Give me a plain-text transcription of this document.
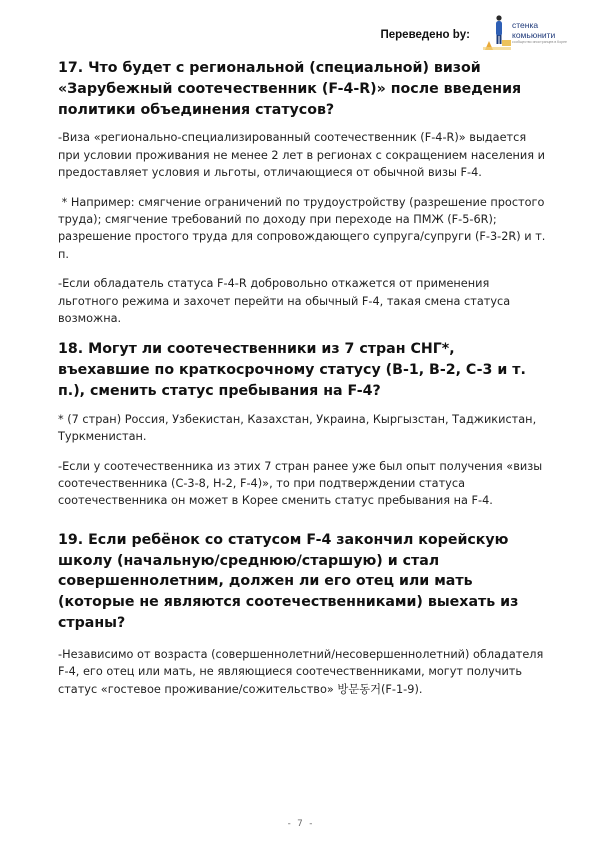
Переведено by:
стенка
комьюнити
сообщество иностранцев в Корее
17. Что будет с региональной (специальной) визой «Зарубежный соотечественник (F-4-R)» после введения политики объединения статусов?

-Виза «регионально-специализированный соотечественник (F-4-R)» выдается при условии проживания не менее 2 лет в регионах с сокращением населения и предоставляет условия и льготы, отличающиеся от обычной визы F-4.

* Например: смягчение ограничений по трудоустройству (разрешение простого труда); смягчение требований по доходу при переходе на ПМЖ (F-5-6R); разрешение простого труда для сопровождающего супруга/супруги (F-3-2R) и т. п.

-Если обладатель статуса F-4-R добровольно откажется от применения льготного режима и захочет перейти на обычный F-4, такая смена статуса возможна.

18. Могут ли соотечественники из 7 стран СНГ*, въехавшие по краткосрочному статусу (B-1, B-2, C-3 и т. п.), сменить статус пребывания на F-4?

* (7 стран) Россия, Узбекистан, Казахстан, Украина, Кыргызстан, Таджикистан, Туркменистан.

-Если у соотечественника из этих 7 стран ранее уже был опыт получения «визы соотечественника (C-3-8, H-2, F-4)», то при подтверждении статуса соотечественника он может в Корее сменить статус пребывания на F-4.

19. Если ребёнок со статусом F-4 закончил корейскую школу (начальную/среднюю/старшую) и стал совершеннолетним, должен ли его отец или мать (которые не являются соотечественниками) выехать из страны?

-Независимо от возраста (совершеннолетний/несовершеннолетний) обладателя F-4, его отец или мать, не являющиеся соотечественниками, могут получить статус «гостевое проживание/сожительство» 방문동거(F-1-9).

- 7 -
